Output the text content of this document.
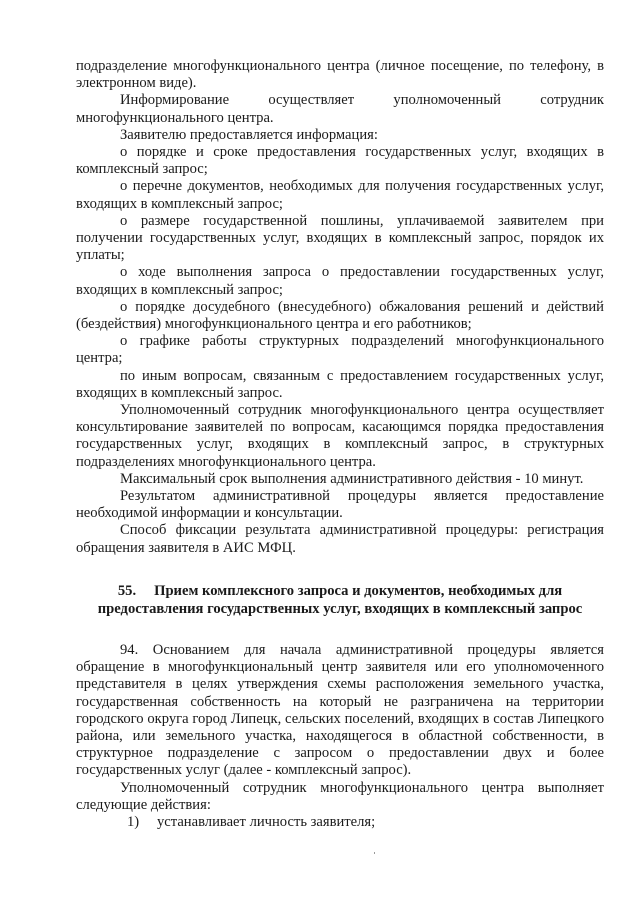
подразделение многофункционального центра (личное посещение, по телефону, в электронном виде).

Информирование осуществляет уполномоченный сотрудник многофункционального центра.

Заявителю предоставляется информация:

о порядке и сроке предоставления государственных услуг, входящих в комплексный запрос;

о перечне документов, необходимых для получения государственных услуг, входящих в комплексный запрос;

о размере государственной пошлины, уплачиваемой заявителем при получении государственных услуг, входящих в комплексный запрос, порядок их уплаты;

о ходе выполнения запроса о предоставлении государственных услуг, входящих в комплексный запрос;

о порядке досудебного (внесудебного) обжалования решений и действий (бездействия) многофункционального центра и его работников;

о графике работы структурных подразделений многофункционального центра;

по иным вопросам, связанным с предоставлением государственных услуг, входящих в комплексный запрос.

Уполномоченный сотрудник многофункционального центра осуществляет консультирование заявителей по вопросам, касающимся порядка предоставления государственных услуг, входящих в комплексный запрос, в структурных подразделениях многофункционального центра.

Максимальный срок выполнения административного действия - 10 минут.

Результатом административной процедуры является предоставление необходимой информации и консультации.

Способ фиксации результата административной процедуры: регистрация обращения заявителя в АИС МФЦ.

55. Прием комплексного запроса и документов, необходимых для предоставления государственных услуг, входящих в комплексный запрос

94. Основанием для начала административной процедуры является обращение в многофункциональный центр заявителя или его уполномоченного представителя в целях утверждения схемы расположения земельного участка, государственная собственность на который не разграничена на территории городского округа город Липецк, сельских поселений, входящих в состав Липецкого района, или земельного участка, находящегося в областной собственности, в структурное подразделение с запросом о предоставлении двух и более государственных услуг (далее - комплексный запрос).

Уполномоченный сотрудник многофункционального центра выполняет следующие действия:

1) устанавливает личность заявителя;
